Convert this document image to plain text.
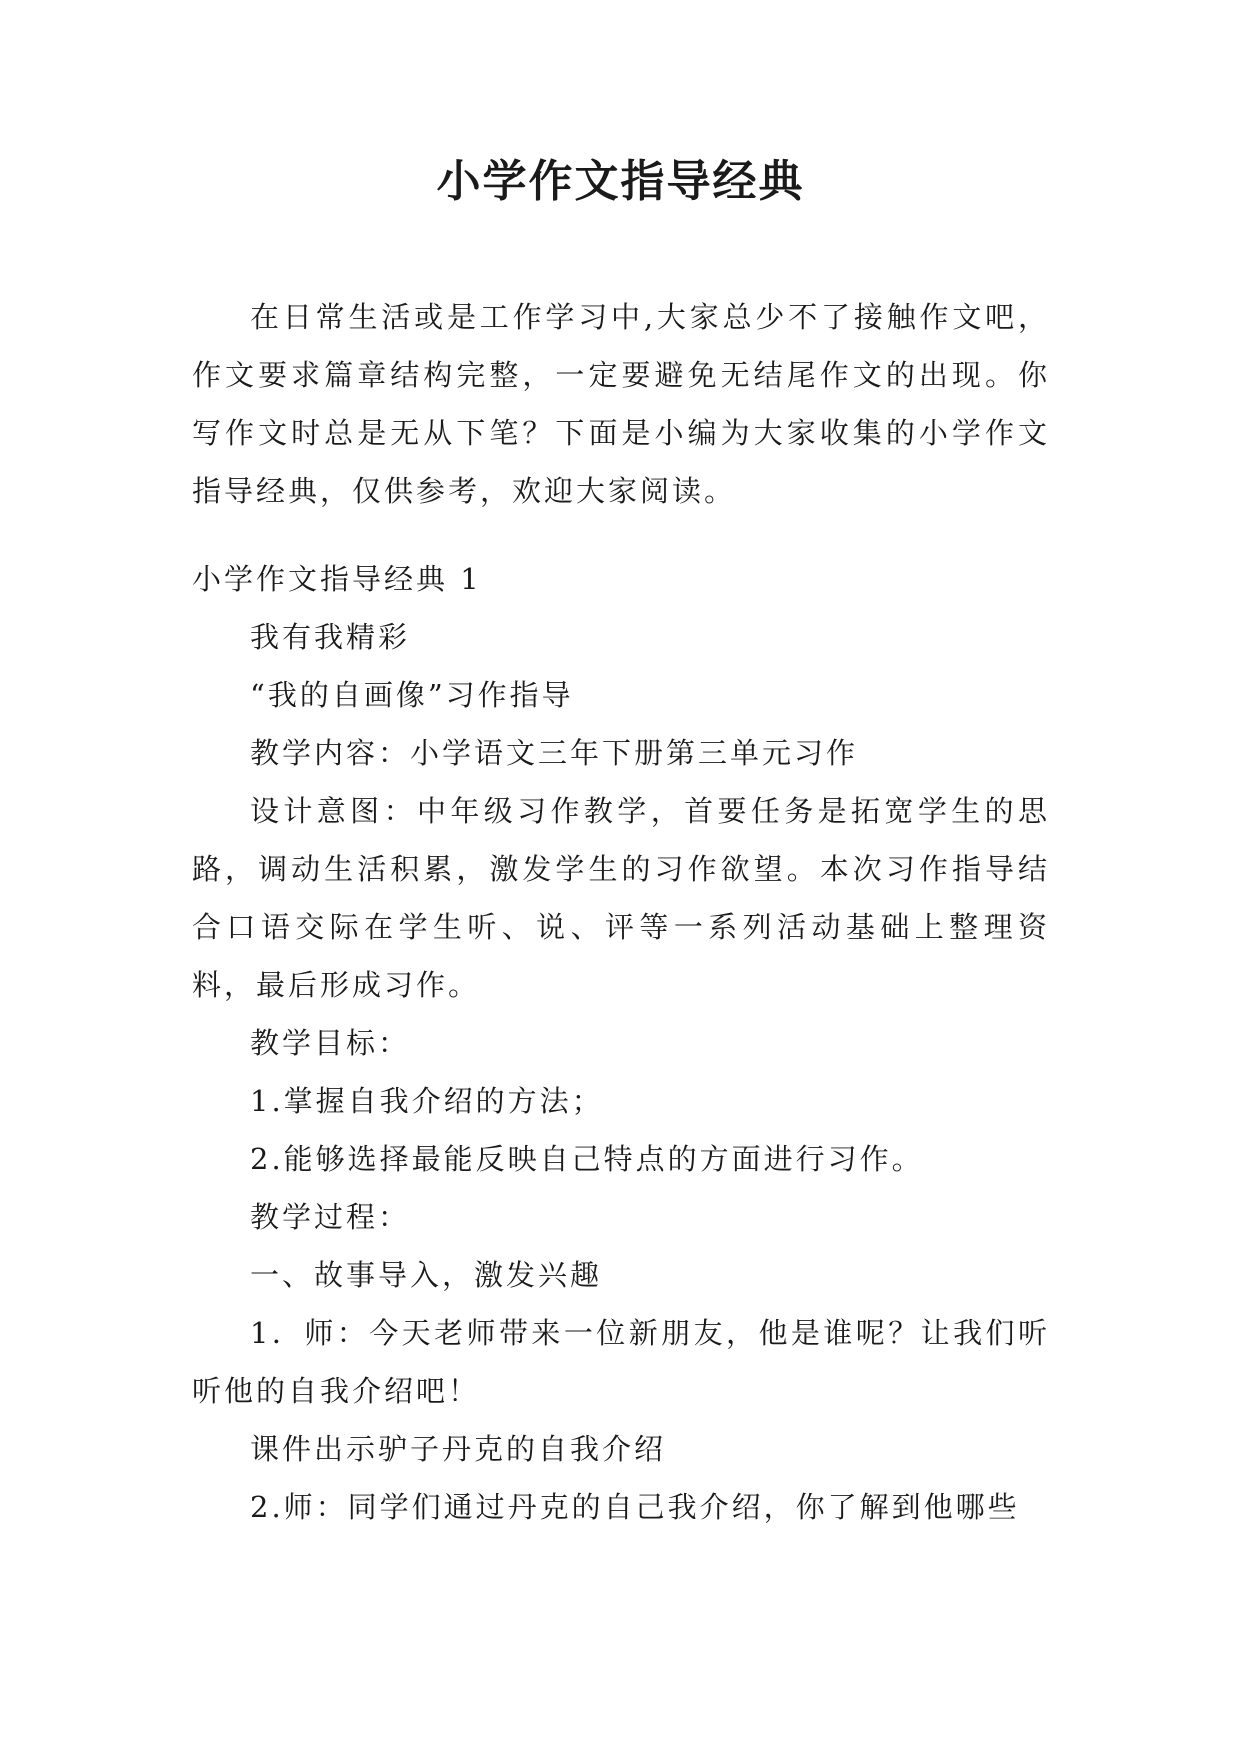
小学作文指导经典

在日常生活或是工作学习中,大家总少不了接触作文吧，作文要求篇章结构完整，一定要避免无结尾作文的出现。你写作文时总是无从下笔？下面是小编为大家收集的小学作文指导经典，仅供参考，欢迎大家阅读。

小学作文指导经典 1

我有我精彩

“我的自画像”习作指导

教学内容：小学语文三年下册第三单元习作

设计意图：中年级习作教学，首要任务是拓宽学生的思路，调动生活积累，激发学生的习作欲望。本次习作指导结合口语交际在学生听、说、评等一系列活动基础上整理资料，最后形成习作。

教学目标：

1.掌握自我介绍的方法；

2.能够选择最能反映自己特点的方面进行习作。

教学过程：

一、故事导入，激发兴趣

1．师：今天老师带来一位新朋友，他是谁呢？让我们听听他的自我介绍吧！

课件出示驴子丹克的自我介绍

2.师：同学们通过丹克的自己我介绍，你了解到他哪些
